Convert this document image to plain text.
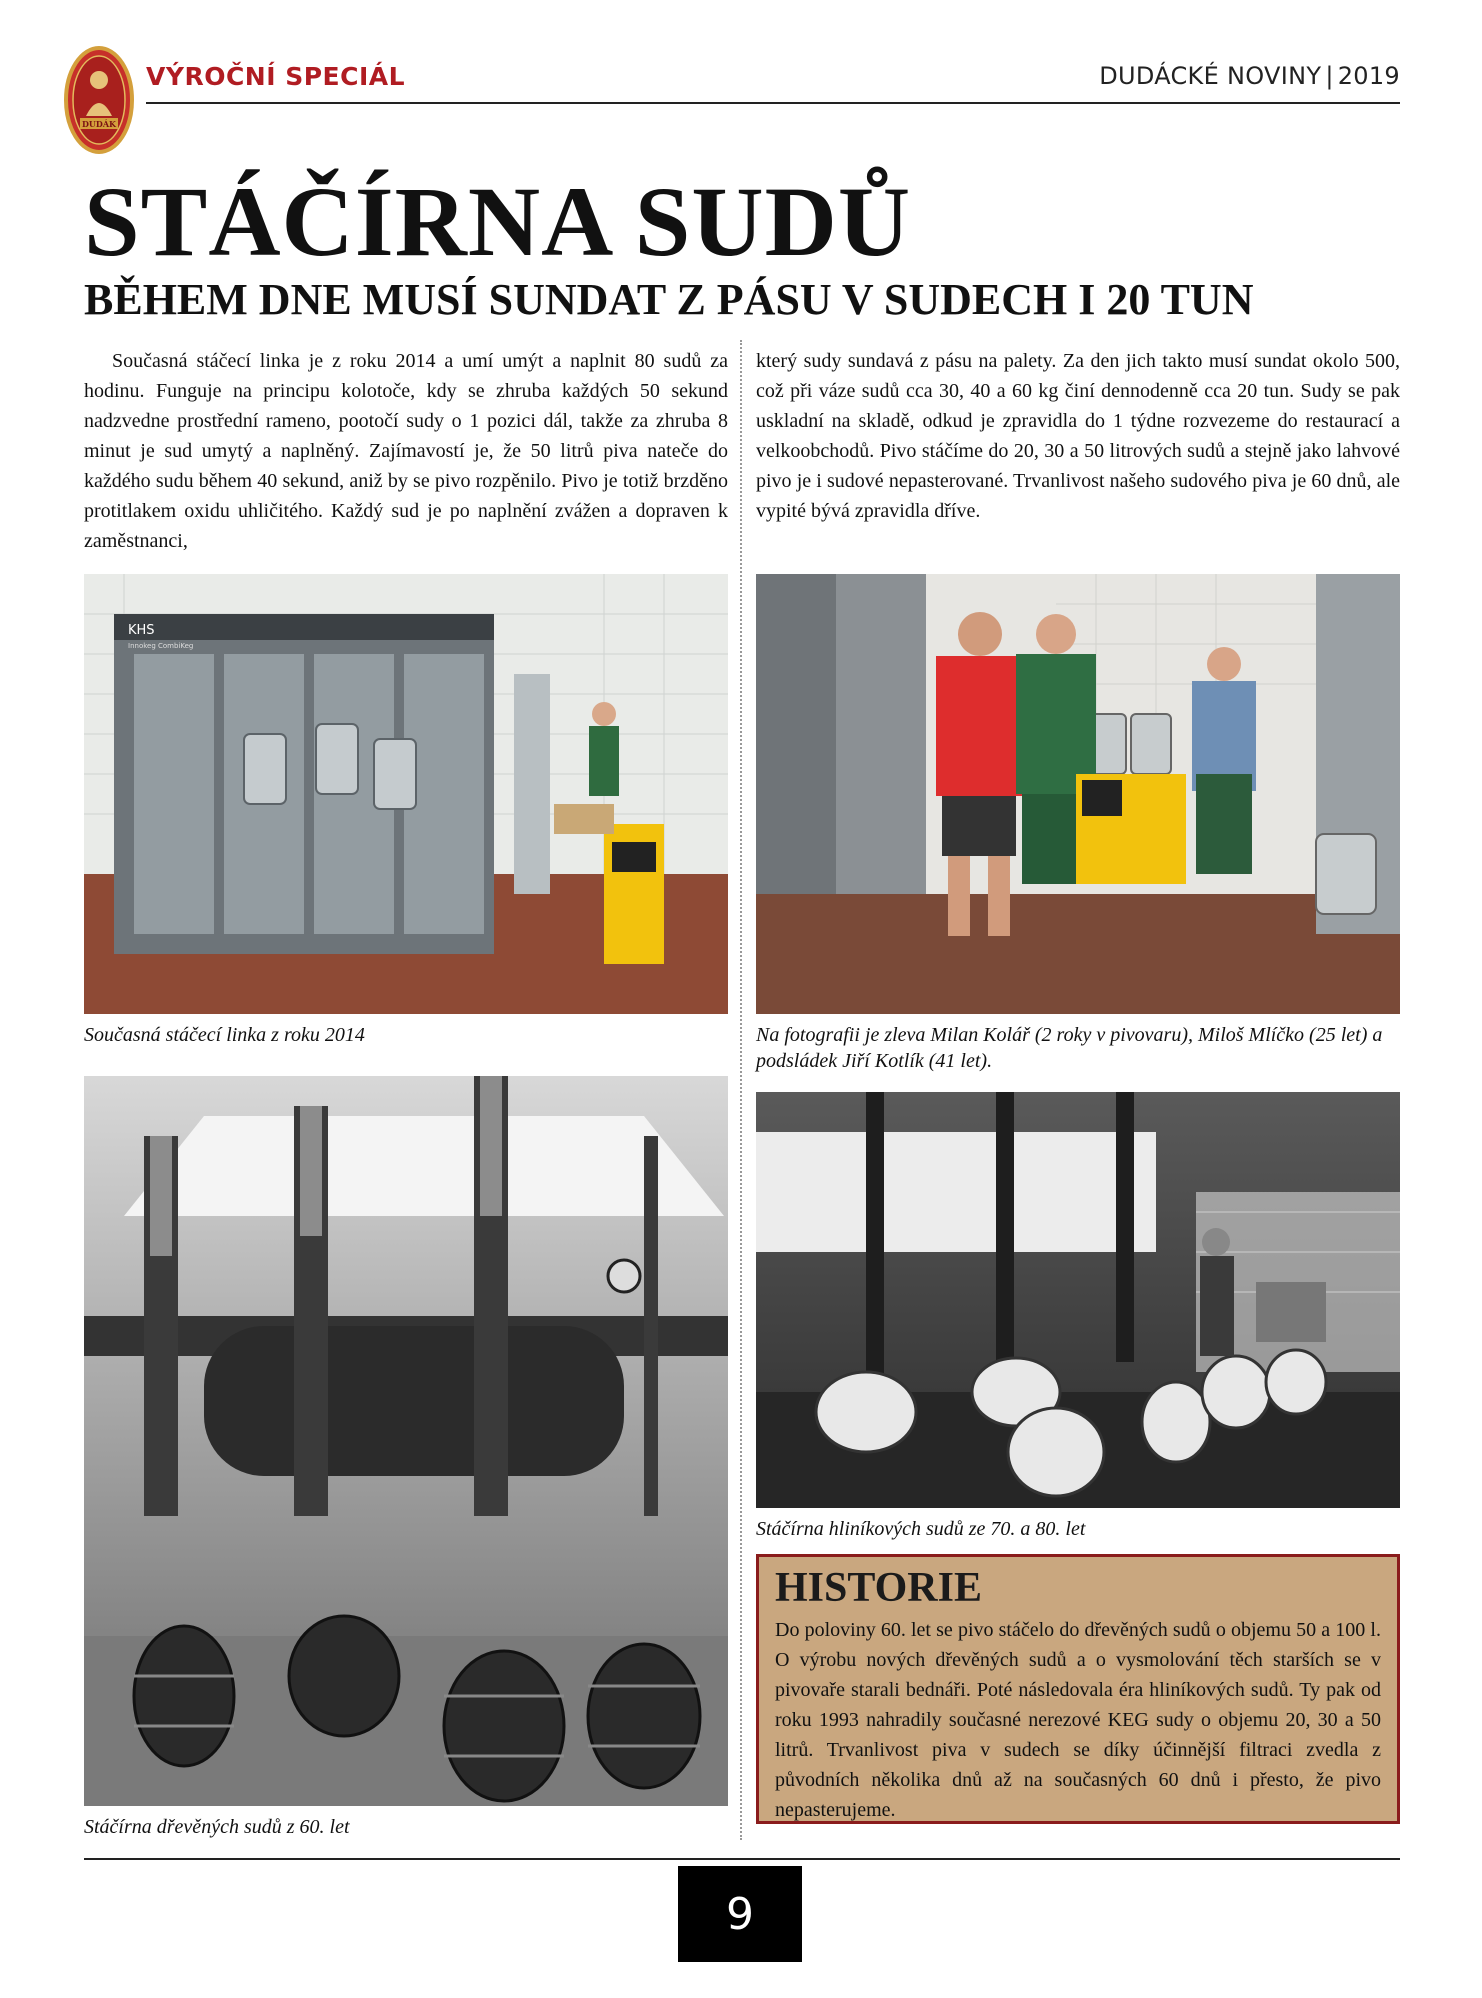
DUDÁK
VÝROČNÍ SPECIÁL	DUDÁCKÉ NOVINY | 2019
STÁČÍRNA SUDŮ
BĚHEM DNE MUSÍ SUNDAT Z PÁSU V SUDECH I 20 TUN

Současná stáčecí linka je z roku 2014 a umí umýt a naplnit 80 sudů za hodinu. Funguje na principu kolotoče, kdy se zhruba každých 50 sekund nadzvedne prostřední rameno, pootočí sudy o 1 pozici dál, takže za zhruba 8 minut je sud umytý a naplněný. Zajímavostí je, že 50 litrů piva nateče do každého sudu během 40 sekund, aniž by se pivo rozpěnilo. Pivo je totiž brzděno protitlakem oxidu uhličitého. Každý sud je po naplnění zvážen a dopraven k zaměstnanci,

který sudy sundavá z pásu na palety. Za den jich takto musí sundat okolo 500, což při váze sudů cca 30, 40 a 60 kg činí dennodenně cca 20 tun. Sudy se pak uskladní na skladě, odkud je zpravidla do 1 týdne rozvezeme do restaurací a velkoobchodů. Pivo stáčíme do 20, 30 a 50 litrových sudů a stejně jako lahvové pivo je i sudové nepasterované. Trvanlivost našeho sudového piva je 60 dnů, ale vypité bývá zpravidla dříve.

KHS
Innokeg CombiKeg
Současná stáčecí linka z roku 2014	Na fotografii je zleva Milan Kolář (2 roky v pivovaru), Miloš Mlíčko (25 let) a podsládek Jiří Kotlík (41 let).
Stáčírna dřevěných sudů z 60. let
Stáčírna hliníkových sudů ze 70. a 80. let
HISTORIE

Do poloviny 60. let se pivo stáčelo do dřevěných sudů o objemu 50 a 100 l. O výrobu nových dřevěných sudů a o vysmolování těch starších se v pivovaře starali bednáři. Poté následovala éra hliníkových sudů. Ty pak od roku 1993 nahradily současné nerezové KEG sudy o objemu 20, 30 a 50 litrů. Trvanlivost piva v sudech se díky účinnější filtraci zvedla z původních několika dnů až na současných 60 dnů i přesto, že pivo nepasterujeme.

9
